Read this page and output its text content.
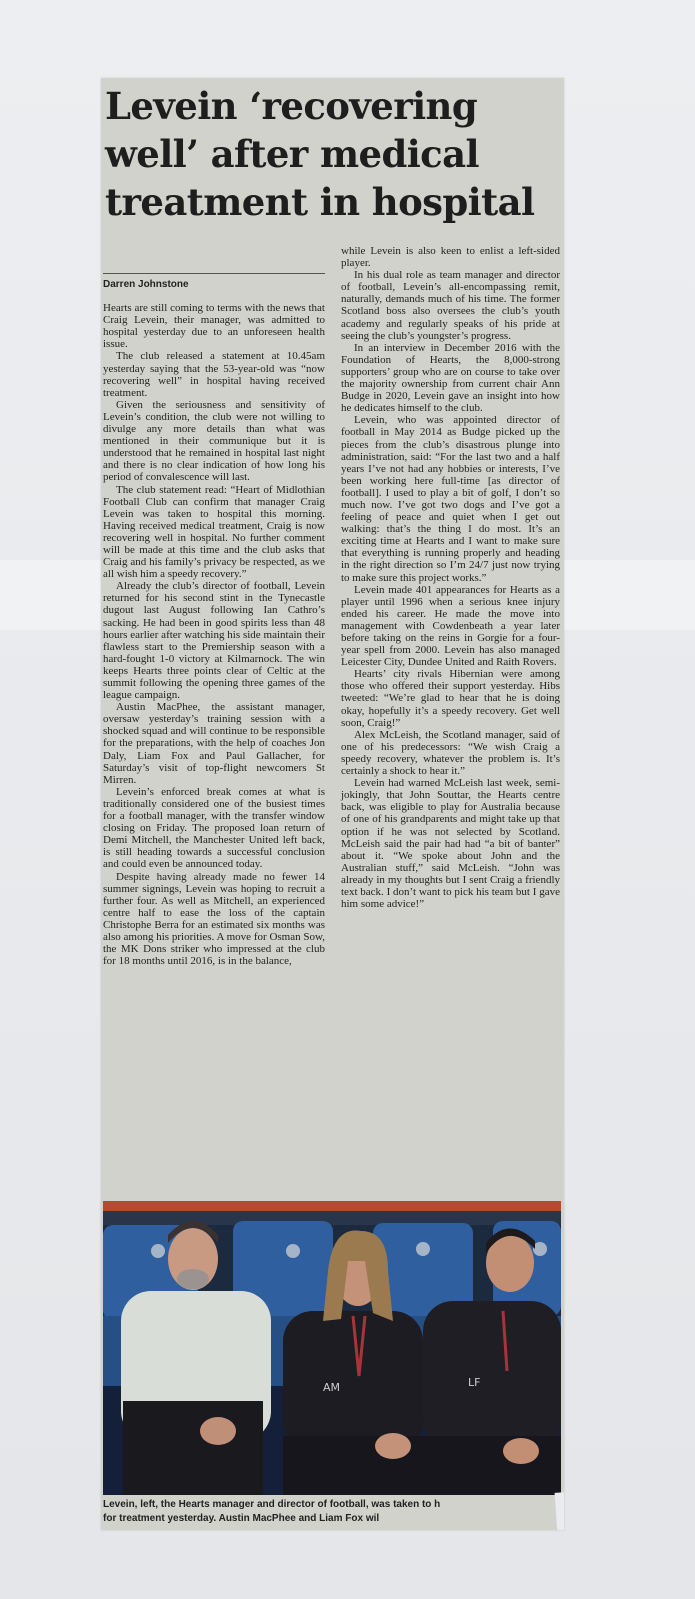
Levein ‘recovering well’ after medical treatment in hospital
Darren Johnstone

Hearts are still coming to terms with the news that Craig Levein, their manager, was admitted to hospital yesterday due to an unforeseen health issue.

The club released a statement at 10.45am yesterday saying that the 53-year-old was “now recovering well” in hospital having received treatment.

Given the seriousness and sensitivity of Levein’s condition, the club were not willing to divulge any more details than what was mentioned in their communique but it is understood that he remained in hospital last night and there is no clear indication of how long his period of convalescence will last.

The club statement read: “Heart of Midlothian Football Club can confirm that manager Craig Levein was taken to hospital this morning. Having received medical treatment, Craig is now recovering well in hospital. No further comment will be made at this time and the club asks that Craig and his family’s privacy be respected, as we all wish him a speedy recovery.”

Already the club’s director of football, Levein returned for his second stint in the Tynecastle dugout last August following Ian Cathro’s sacking. He had been in good spirits less than 48 hours earlier after watching his side maintain their flawless start to the Premiership season with a hard-fought 1-0 victory at Kilmarnock. The win keeps Hearts three points clear of Celtic at the summit following the opening three games of the league campaign.

Austin MacPhee, the assistant manager, oversaw yesterday’s training session with a shocked squad and will continue to be responsible for the preparations, with the help of coaches Jon Daly, Liam Fox and Paul Gallacher, for Saturday’s visit of top-flight newcomers St Mirren.

Levein’s enforced break comes at what is traditionally considered one of the busiest times for a football manager, with the transfer window closing on Friday. The proposed loan return of Demi Mitchell, the Manchester United left back, is still heading towards a successful conclusion and could even be announced today.

Despite having already made no fewer 14 summer signings, Levein was hoping to recruit a further four. As well as Mitchell, an experienced centre half to ease the loss of the captain Christophe Berra for an estimated six months was also among his priorities. A move for Osman Sow, the MK Dons striker who impressed at the club for 18 months until 2016, is in the balance,

while Levein is also keen to enlist a left-sided player.

In his dual role as team manager and director of football, Levein’s all-encompassing remit, naturally, demands much of his time. The former Scotland boss also oversees the club’s youth academy and regularly speaks of his pride at seeing the club’s youngster’s progress.

In an interview in December 2016 with the Foundation of Hearts, the 8,000-strong supporters’ group who are on course to take over the majority ownership from current chair Ann Budge in 2020, Levein gave an insight into how he dedicates himself to the club.

Levein, who was appointed director of football in May 2014 as Budge picked up the pieces from the club’s disastrous plunge into administration, said: “For the last two and a half years I’ve not had any hobbies or interests, I’ve been working here full-time [as director of football]. I used to play a bit of golf, I don’t so much now. I’ve got two dogs and I’ve got a feeling of peace and quiet when I get out walking: that’s the thing I do most. It’s an exciting time at Hearts and I want to make sure that everything is running properly and heading in the right direction so I’m 24/7 just now trying to make sure this project works.”

Levein made 401 appearances for Hearts as a player until 1996 when a serious knee injury ended his career. He made the move into management with Cowdenbeath a year later before taking on the reins in Gorgie for a four-year spell from 2000. Levein has also managed Leicester City, Dundee United and Raith Rovers.

Hearts’ city rivals Hibernian were among those who offered their support yesterday. Hibs tweeted: “We’re glad to hear that he is doing okay, hopefully it’s a speedy recovery. Get well soon, Craig!”

Alex McLeish, the Scotland manager, said of one of his predecessors: “We wish Craig a speedy recovery, whatever the problem is. It’s certainly a shock to hear it.”

Levein had warned McLeish last week, semi-jokingly, that John Souttar, the Hearts centre back, was eligible to play for Australia because of one of his grandparents and might take up that option if he was not selected by Scotland. McLeish said the pair had had “a bit of banter” about it. “We spoke about John and the Australian stuff,” said McLeish. “John was already in my thoughts but I sent Craig a friendly text back. I don’t want to pick his team but I gave him some advice!”

AM	LF
Levein, left, the Hearts manager and director of football, was taken to h
for treatment yesterday. Austin MacPhee and Liam Fox wil
